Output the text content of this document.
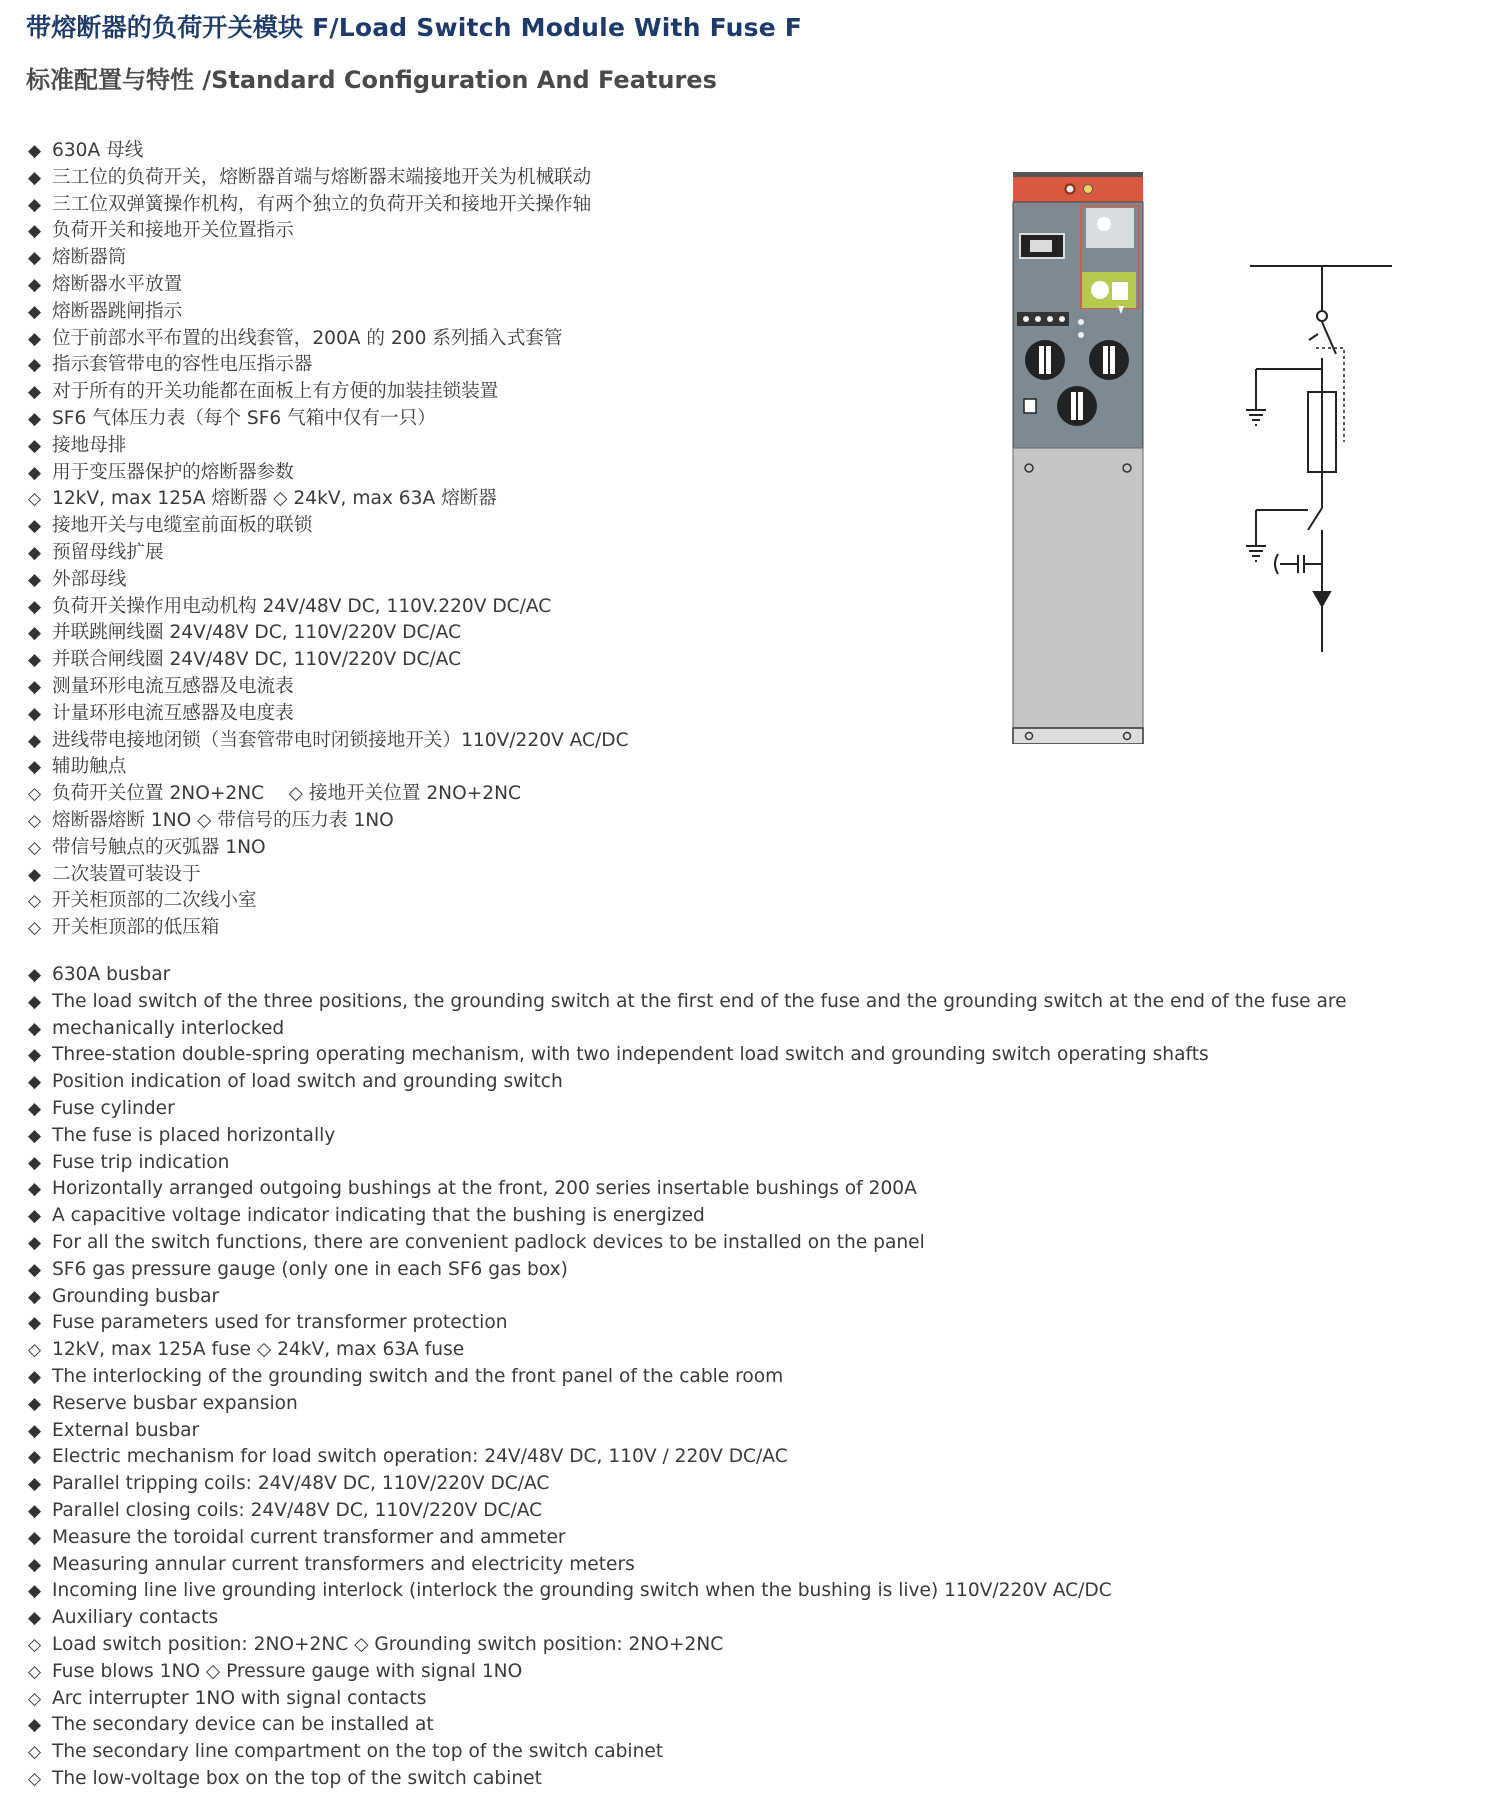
带熔断器的负荷开关模块 F/Load Switch Module With Fuse F
标准配置与特性 /Standard Configuration And Features
◆ 630A 母线
◆ 三工位的负荷开关，熔断器首端与熔断器末端接地开关为机械联动
◆ 三工位双弹簧操作机构，有两个独立的负荷开关和接地开关操作轴
◆ 负荷开关和接地开关位置指示
◆ 熔断器筒
◆ 熔断器水平放置
◆ 熔断器跳闸指示
◆ 位于前部水平布置的出线套管，200A 的 200 系列插入式套管
◆ 指示套管带电的容性电压指示器
◆ 对于所有的开关功能都在面板上有方便的加装挂锁装置
◆ SF6 气体压力表（每个 SF6 气箱中仅有一只）
◆ 接地母排
◆ 用于变压器保护的熔断器参数
◇ 12kV, max 125A 熔断器 ◇ 24kV, max 63A 熔断器
◆ 接地开关与电缆室前面板的联锁
◆ 预留母线扩展
◆ 外部母线
◆ 负荷开关操作用电动机构 24V/48V DC, 110V.220V DC/AC
◆ 并联跳闸线圈 24V/48V DC, 110V/220V DC/AC
◆ 并联合闸线圈 24V/48V DC, 110V/220V DC/AC
◆ 测量环形电流互感器及电流表
◆ 计量环形电流互感器及电度表
◆ 进线带电接地闭锁（当套管带电时闭锁接地开关）110V/220V AC/DC
◆ 辅助触点
◇ 负荷开关位置 2NO+2NC　 ◇ 接地开关位置 2NO+2NC
◇ 熔断器熔断 1NO ◇ 带信号的压力表 1NO
◇ 带信号触点的灭弧器 1NO
◆ 二次装置可装设于
◇ 开关柜顶部的二次线小室
◇ 开关柜顶部的低压箱
◆ 630A busbar
◆ The load switch of the three positions, the grounding switch at the first end of the fuse and the grounding switch at the end of the fuse are
◆ mechanically interlocked
◆ Three-station double-spring operating mechanism, with two independent load switch and grounding switch operating shafts
◆ Position indication of load switch and grounding switch
◆ Fuse cylinder
◆ The fuse is placed horizontally
◆ Fuse trip indication
◆ Horizontally arranged outgoing bushings at the front, 200 series insertable bushings of 200A
◆ A capacitive voltage indicator indicating that the bushing is energized
◆ For all the switch functions, there are convenient padlock devices to be installed on the panel
◆ SF6 gas pressure gauge (only one in each SF6 gas box)
◆ Grounding busbar
◆ Fuse parameters used for transformer protection
◇ 12kV, max 125A fuse ◇ 24kV, max 63A fuse
◆ The interlocking of the grounding switch and the front panel of the cable room
◆ Reserve busbar expansion
◆ External busbar
◆ Electric mechanism for load switch operation: 24V/48V DC, 110V / 220V DC/AC
◆ Parallel tripping coils: 24V/48V DC, 110V/220V DC/AC
◆ Parallel closing coils: 24V/48V DC, 110V/220V DC/AC
◆ Measure the toroidal current transformer and ammeter
◆ Measuring annular current transformers and electricity meters
◆ Incoming line live grounding interlock (interlock the grounding switch when the bushing is live) 110V/220V AC/DC
◆ Auxiliary contacts
◇ Load switch position: 2NO+2NC ◇ Grounding switch position: 2NO+2NC
◇ Fuse blows 1NO ◇ Pressure gauge with signal 1NO
◇ Arc interrupter 1NO with signal contacts
◆ The secondary device can be installed at
◇ The secondary line compartment on the top of the switch cabinet
◇ The low-voltage box on the top of the switch cabinet
